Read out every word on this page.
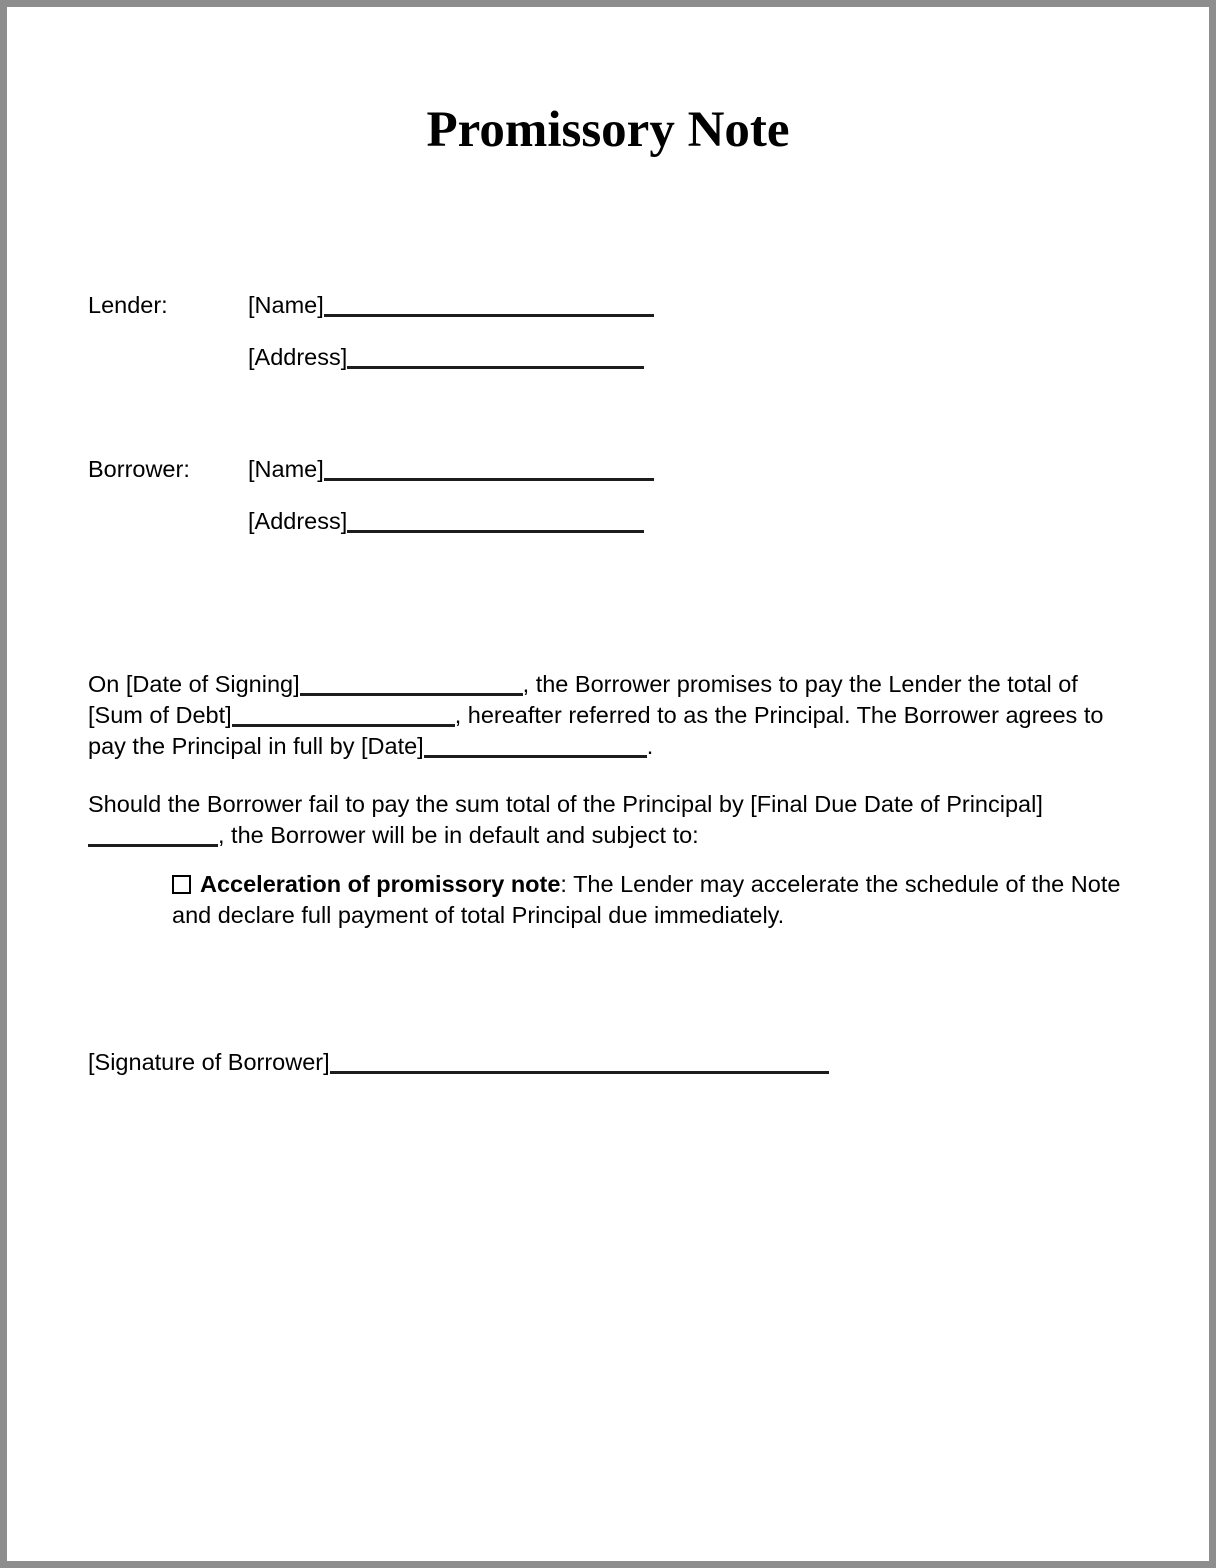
Promissory Note
Lender:	[Name]
[Address]
Borrower:	[Name]
[Address]

On [Date of Signing]	, the Borrower promises to pay the Lender the total of [Sum of Debt]	, hereafter referred to as the Principal. The Borrower agrees to pay the Principal in full by [Date]	.

Should the Borrower fail to pay the sum total of the Principal by [Final Due Date of Principal], the Borrower will be in default and subject to:

Acceleration of promissory note: The Lender may accelerate the schedule of the Note and declare full payment of total Principal due immediately.
[Signature of Borrower]
